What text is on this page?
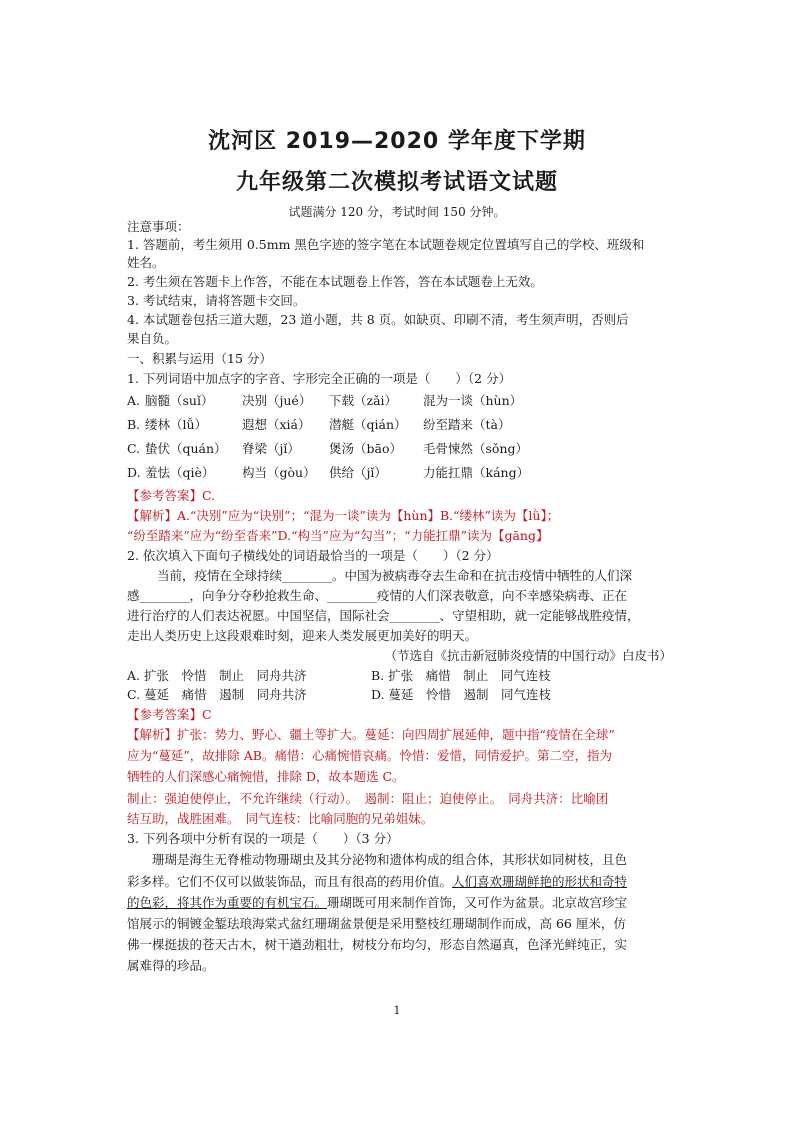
沈河区 2019—2020 学年度下学期
九年级第二次模拟考试语文试题
试题满分 120 分，考试时间 150 分钟。
注意事项：
1. 答题前，考生须用 0.5mm 黑色字迹的签字笔在本试题卷规定位置填写自己的学校、班级和
姓名。
2. 考生须在答题卡上作答，不能在本试题卷上作答，答在本试题卷上无效。
3. 考试结束，请将答题卡交回。
4. 本试题卷包括三道大题，23 道小题，共 8 页。如缺页、印刷不清，考生须声明，否则后
果自负。
一、积累与运用（15 分）
1. 下列词语中加点字的字音、字形完全正确的一项是（　　）（2 分）
A. 脑髓（suǐ） 决别（jué） 下载（zǎi） 混为一谈（hùn）
B. 缕林（lǚ）	遐想（xiá） 潜艇（qián） 纷至踏来（tà）
C. 蛰伏（quán） 脊梁（jǐ） 煲汤（bāo） 毛骨悚然（sǒng）
D. 羞怯（qiè） 构当（gòu） 供给（jǐ）	力能扛鼎（káng）
【参考答案】C.
【解析】A.“决别”应为“诀别”；“混为一谈”读为【hùn】B.“缕林”读为【lǜ】；
“纷至踏来”应为“纷至沓来”D.“构当”应为“勾当”；“力能扛鼎”读为【gāng】
2. 依次填入下面句子横线处的词语最恰当的一项是（　　）（2 分）
当前，疫情在全球持续________。中国为被病毒夺去生命和在抗击疫情中牺牲的人们深
感________，向争分夺秒抢救生命、________疫情的人们深表敬意，向不幸感染病毒、正在
进行治疗的人们表达祝愿。中国坚信，国际社会________、守望相助，就一定能够战胜疫情，
走出人类历史上这段艰难时刻，迎来人类发展更加美好的明天。
（节选自《抗击新冠肺炎疫情的中国行动》白皮书）
A. 扩张　怜惜　制止　同舟共济	B. 扩张　痛惜　制止　同气连枝
C. 蔓延　痛惜　遏制　同舟共济	D. 蔓延　怜惜　遏制　同气连枝
【参考答案】C
【解析】扩张：势力、野心、疆土等扩大。蔓延：向四周扩展延伸，题中指“疫情在全球”
应为“蔓延”，故排除 AB。痛惜：心痛惋惜哀痛。怜惜：爱惜，同情爱护。第二空，指为
牺牲的人们深感心痛惋惜，排除 D，故本题选 C。
制止：强迫使停止，不允许继续（行动）。　遏制：阻止；迫使停止。　同舟共济：比喻团
结互助，战胜困难。　同气连枝：比喻同胞的兄弟姐妹。
3. 下列各项中分析有误的一项是（　　）（3 分）
珊瑚是海生无脊椎动物珊瑚虫及其分泌物和遗体构成的组合体，其形状如同树枝，且色
彩多样。它们不仅可以做装饰品，而且有很高的药用价值。人们喜欢珊瑚鲜艳的形状和奇特
的色彩，将其作为重要的有机宝石。珊瑚既可用来制作首饰，又可作为盆景。北京故宫珍宝
馆展示的铜镀金錾珐琅海棠式盆红珊瑚盆景便是采用整枝红珊瑚制作而成，高 66 厘米，仿
佛一棵挺拔的苍天古木，树干遒劲粗壮，树枝分布均匀，形态自然逼真，色泽光鲜纯正，实
属难得的珍品。
1
